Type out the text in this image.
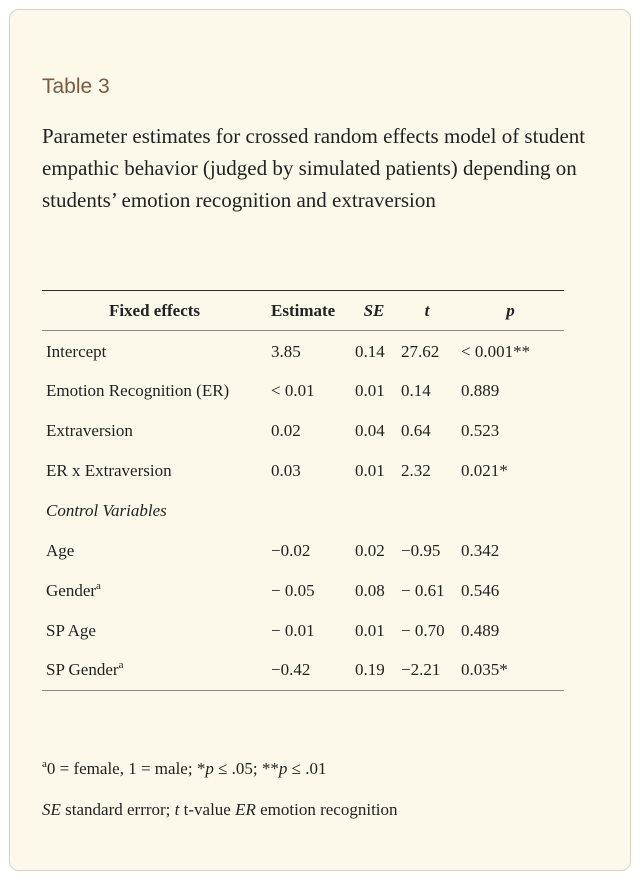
Table 3

Parameter estimates for crossed random effects model of student empathic behavior (judged by simulated patients) depending on students’ emotion recognition and extraversion

Fixed effects	Estimate	SE	t	p
Intercept	3.85	0.14	27.62	< 0.001**
Emotion Recognition (ER)	< 0.01	0.01	0.14	0.889
Extraversion	0.02	0.04	0.64	0.523
ER x Extraversion	0.03	0.01	2.32	0.021*
Control Variables				
Age	−0.02	0.02	−0.95	0.342
Gender$^a$	− 0.05	0.08	− 0.61	0.546
SP Age	− 0.01	0.01	− 0.70	0.489
SP Gender$^a$	−0.42	0.19	−2.21	0.035*

$^a$0 = female, 1 = male; *p ≤ .05; **p ≤ .01

SE standard errror; t t-value ER emotion recognition
